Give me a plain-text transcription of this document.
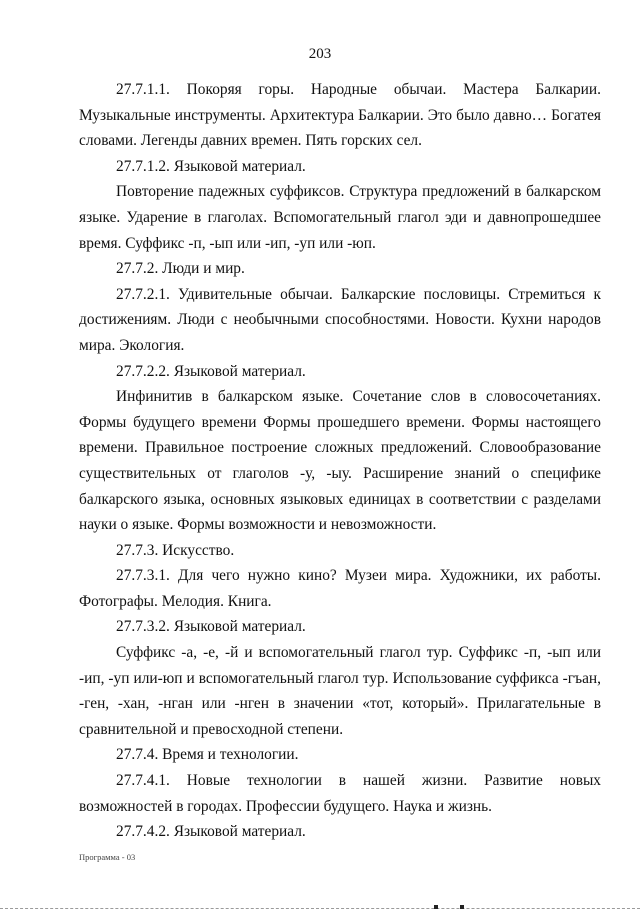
203

27.7.1.1. Покоряя горы. Народные обычаи. Мастера Балкарии. Музыкальные инструменты. Архитектура Балкарии. Это было давно… Богатея словами. Легенды давних времен. Пять горских сел.

27.7.1.2. Языковой материал.

Повторение падежных суффиксов. Структура предложений в балкарском языке. Ударение в глаголах. Вспомогательный глагол эди и давнопрошедшее время. Суффикс -п, -ып или -ип, -уп или -юп.

27.7.2. Люди и мир.

27.7.2.1. Удивительные обычаи. Балкарские пословицы. Стремиться к достижениям. Люди с необычными способностями. Новости. Кухни народов мира. Экология.

27.7.2.2. Языковой материал.

Инфинитив в балкарском языке. Сочетание слов в словосочетаниях. Формы будущего времени Формы прошедшего времени. Формы настоящего времени. Правильное построение сложных предложений. Словообразование существительных от глаголов -у, -ыу. Расширение знаний о специфике балкарского языка, основных языковых единицах в соответствии с разделами науки о языке. Формы возможности и невозможности.

27.7.3. Искусство.

27.7.3.1. Для чего нужно кино? Музеи мира. Художники, их работы. Фотографы. Мелодия. Книга.

27.7.3.2. Языковой материал.

Суффикс -а, -е, -й и вспомогательный глагол тур. Суффикс -п, -ып или -ип, -уп или-юп и вспомогательный глагол тур. Использование суффикса -гъан, -ген, -хан, -нган или -нген в значении «тот, который». Прилагательные в сравнительной и превосходной степени.

27.7.4. Время и технологии.

27.7.4.1. Новые технологии в нашей жизни. Развитие новых возможностей в городах. Профессии будущего. Наука и жизнь.

27.7.4.2. Языковой материал.

Программа - 03
